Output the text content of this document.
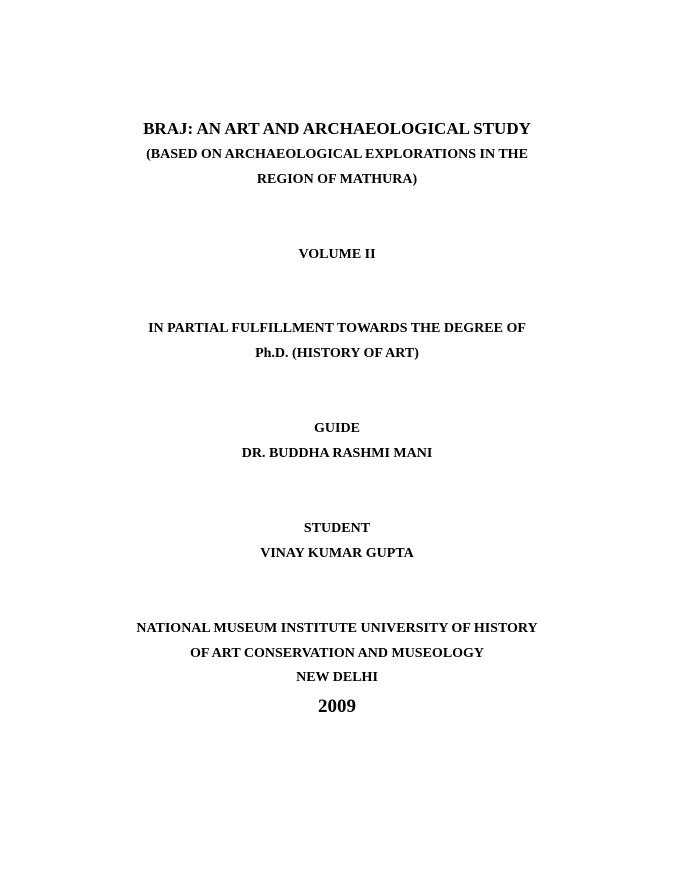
BRAJ: AN ART AND ARCHAEOLOGICAL STUDY
(BASED ON ARCHAEOLOGICAL EXPLORATIONS IN THE
REGION OF MATHURA)
VOLUME II
IN PARTIAL FULFILLMENT TOWARDS THE DEGREE OF
Ph.D. (HISTORY OF ART)
GUIDE
DR. BUDDHA RASHMI MANI
STUDENT
VINAY KUMAR GUPTA
NATIONAL MUSEUM INSTITUTE UNIVERSITY OF HISTORY
OF ART CONSERVATION AND MUSEOLOGY
NEW DELHI
2009
